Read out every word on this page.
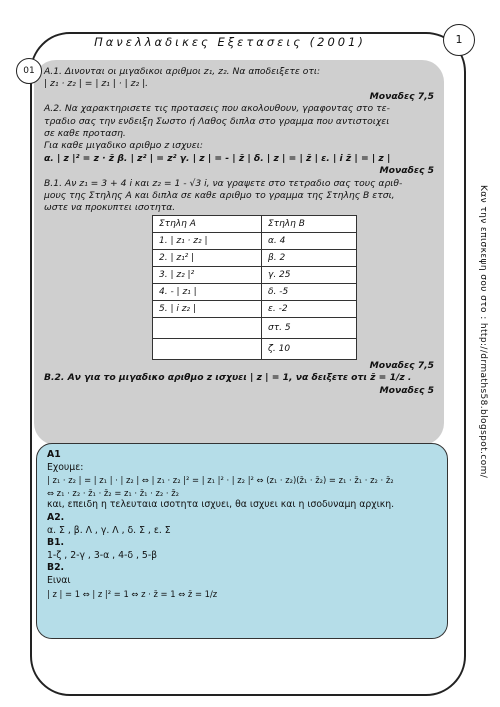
1
01
Πανελλαδικες Εξετασεις (2001)
Καν την επισκεψη σου στο : http://drmaths58.blogspot.com/
Α.1. Δινονται οι μιγαδικοι αριθμοι z₁, z₂. Να αποδειξετε οτι:
| z₁ · z₂ | = | z₁ | · | z₂ |.
Μοναδες 7,5
Α.2. Να χαρακτηρισετε τις προτασεις που ακολουθουν, γραφοντας στο τε-
τραδιο σας την ενδειξη Σωστο ή Λαθος διπλα στο γραμμα που αντιστοιχει
σε καθε προταση.
Για καθε μιγαδικο αριθμο z ισχυει:
α. | z |² = z · z̄ β. | z² | = z² γ. | z | = - | z̄ | δ. | z | = | z̄ | ε. | i z̄ | = | z |
Μοναδες 5
Β.1. Αν z₁ = 3 + 4 i και z₂ = 1 - √3 i, να γραψετε στο τετραδιο σας τους αριθ-
μους της Στηλης Α και διπλα σε καθε αριθμο το γραμμα της Στηλης Β ετσι,
ωστε να προκυπτει ισοτητα.
Στηλη Α	Στηλη Β
1. | z₁ · z₂ |	α. 4
2. | z₁² |	β. 2
3. | z₂ |²	γ. 25
4. - | z₁ |	δ. -5
5. | i z₂ |	ε. -2
	στ. 5
	ζ. 10
Μοναδες 7,5
Β.2. Αν για το μιγαδικο αριθμο z ισχυει | z | = 1, να δειξετε οτι z̄ = 1/z .
Μοναδες 5
Α1
Εχουμε:
| z₁ · z₂ | = | z₁ | · | z₂ | ⇔ | z₁ · z₂ |² = | z₁ |² · | z₂ |² ⇔ (z₁ · z₂)(z̄₁ · z̄₂) = z₁ · z̄₁ · z₂ · z̄₂
⇔ z₁ · z₂ · z̄₁ · z̄₂ = z₁ · z̄₁ · z₂ · z̄₂
και, επειδη η τελευταια ισοτητα ισχυει, θα ισχυει και η ισοδυναμη αρχικη.
Α2.
α. Σ , β. Λ , γ. Λ , δ. Σ , ε. Σ
Β1.
1-ζ , 2-γ , 3-α , 4-δ , 5-β
Β2.
Ειναι
| z | = 1 ⇔ | z |² = 1 ⇔ z · z̄ = 1 ⇔ z̄ = 1/z
